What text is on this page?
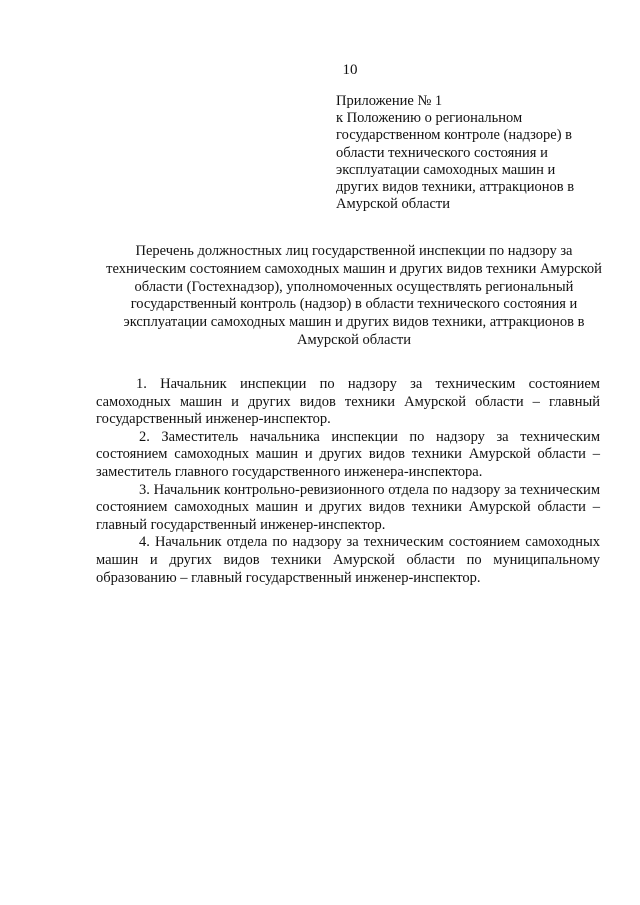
10
Приложение № 1
к Положению о региональном
государственном контроле (надзоре) в
области технического состояния и
эксплуатации самоходных машин и
других видов техники, аттракционов в
Амурской области
Перечень должностных лиц государственной инспекции по надзору за
техническим состоянием самоходных машин и других видов техники Амурской
области (Гостехнадзор), уполномоченных осуществлять региональный
государственный контроль (надзор) в области технического состояния и
эксплуатации самоходных машин и других видов техники, аттракционов в
Амурской области
1. Начальник инспекции по надзору за техническим состоянием
самоходных машин и других видов техники Амурской области – главный
государственный инженер-инспектор.
2. Заместитель начальника инспекции по надзору за техническим
состоянием самоходных машин и других видов техники Амурской области –
заместитель главного государственного инженера-инспектора.
3. Начальник контрольно-ревизионного отдела по надзору за техническим
состоянием самоходных машин и других видов техники Амурской области –
главный государственный инженер-инспектор.
4. Начальник отдела по надзору за техническим состоянием самоходных
машин и других видов техники Амурской области по муниципальному
образованию – главный государственный инженер-инспектор.
